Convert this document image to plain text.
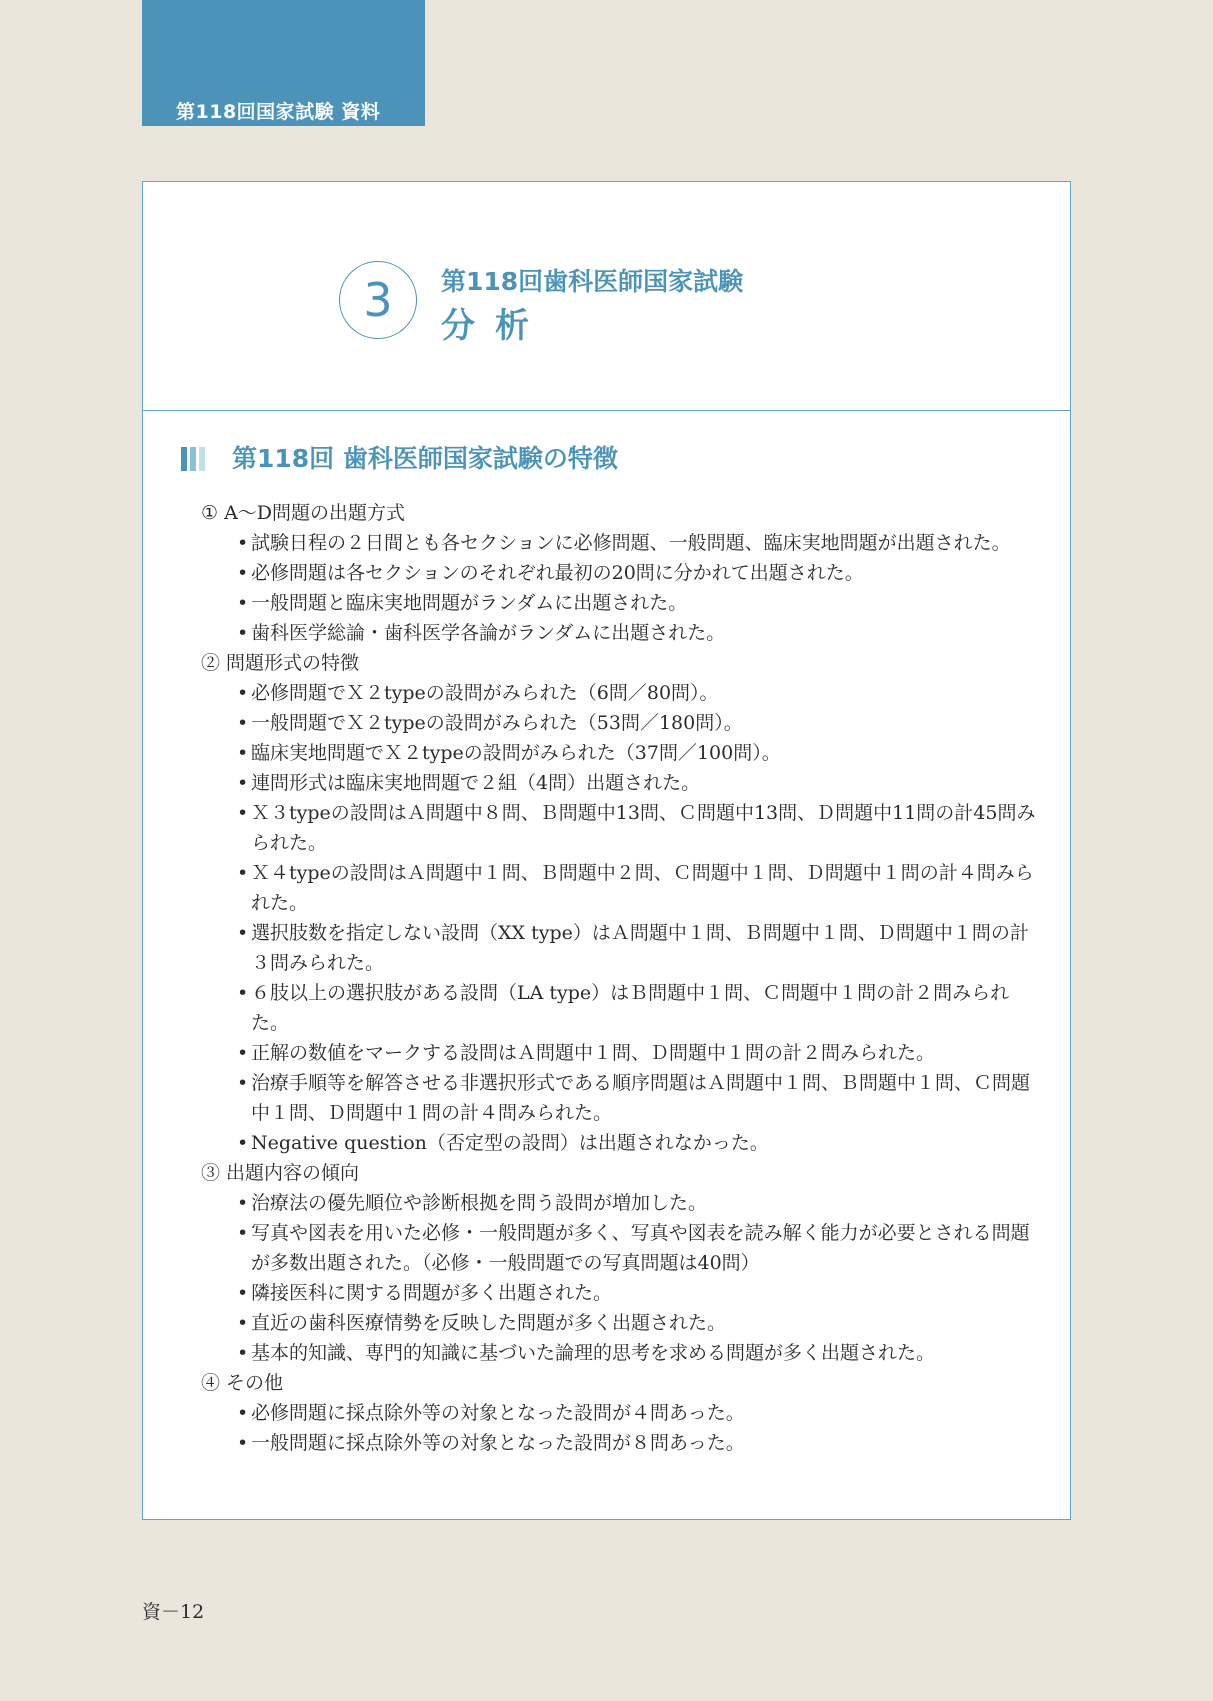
第118回国家試験 資料
3	第118回歯科医師国家試験
分析
第118回 歯科医師国家試験の特徴
① A～D問題の出題方式
• 試験日程の２日間とも各セクションに必修問題、一般問題、臨床実地問題が出題された。
• 必修問題は各セクションのそれぞれ最初の20問に分かれて出題された。
• 一般問題と臨床実地問題がランダムに出題された。
• 歯科医学総論・歯科医学各論がランダムに出題された。
② 問題形式の特徴
• 必修問題でＸ２typeの設問がみられた（6問／80問）。
• 一般問題でＸ２typeの設問がみられた（53問／180問）。
• 臨床実地問題でＸ２typeの設問がみられた（37問／100問）。
• 連問形式は臨床実地問題で２組（4問）出題された。
• Ｘ３typeの設問はＡ問題中８問、Ｂ問題中13問、Ｃ問題中13問、Ｄ問題中11問の計45問みられた。
• Ｘ４typeの設問はＡ問題中１問、Ｂ問題中２問、Ｃ問題中１問、Ｄ問題中１問の計４問みられた。
• 選択肢数を指定しない設問（XX type）はＡ問題中１問、Ｂ問題中１問、Ｄ問題中１問の計３問みられた。
• ６肢以上の選択肢がある設問（LA type）はＢ問題中１問、Ｃ問題中１問の計２問みられた。
• 正解の数値をマークする設問はＡ問題中１問、Ｄ問題中１問の計２問みられた。
• 治療手順等を解答させる非選択形式である順序問題はＡ問題中１問、Ｂ問題中１問、Ｃ問題中１問、Ｄ問題中１問の計４問みられた。
• Negative question（否定型の設問）は出題されなかった。
③ 出題内容の傾向
• 治療法の優先順位や診断根拠を問う設問が増加した。
• 写真や図表を用いた必修・一般問題が多く、写真や図表を読み解く能力が必要とされる問題が多数出題された。（必修・一般問題での写真問題は40問）
• 隣接医科に関する問題が多く出題された。
• 直近の歯科医療情勢を反映した問題が多く出題された。
• 基本的知識、専門的知識に基づいた論理的思考を求める問題が多く出題された。
④ その他
• 必修問題に採点除外等の対象となった設問が４問あった。
• 一般問題に採点除外等の対象となった設問が８問あった。
資－12
